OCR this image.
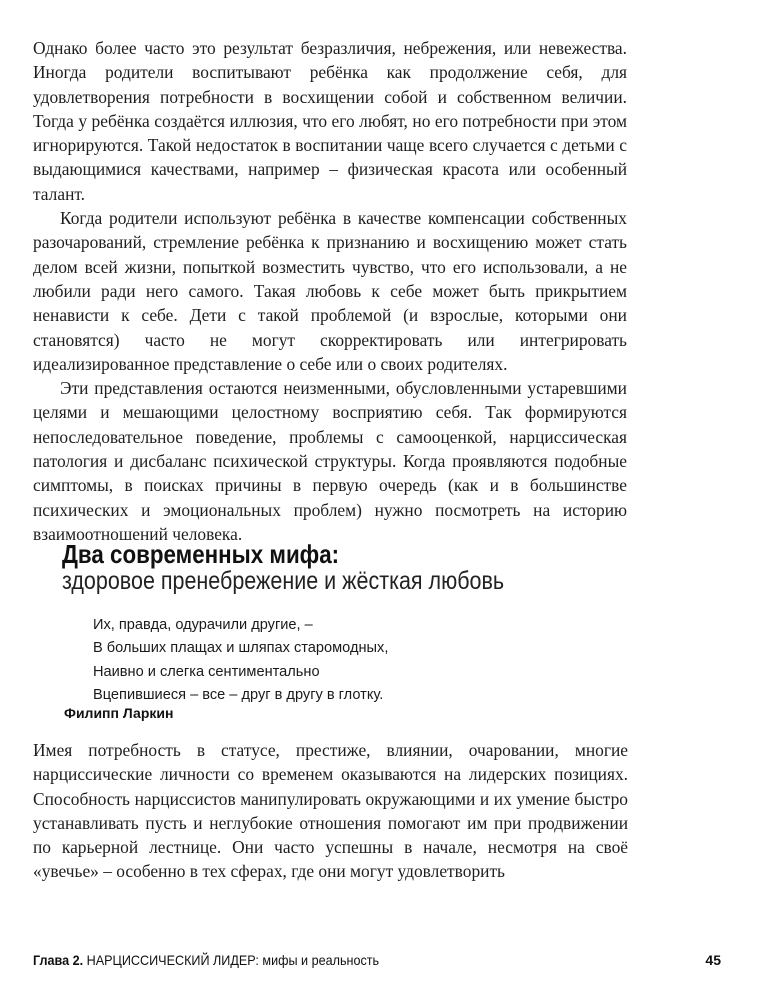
Однако более часто это результат безразличия, небрежения, или невежества. Иногда родители воспитывают ребёнка как продолжение себя, для удовлетворения потребности в восхищении собой и собственном величии. Тогда у ребёнка создаётся иллюзия, что его любят, но его потребности при этом игнорируются. Такой недостаток в воспитании чаще всего случается с детьми с выдающимися качествами, например – физическая красота или особенный талант.

Когда родители используют ребёнка в качестве компенсации собственных разочарований, стремление ребёнка к признанию и восхищению может стать делом всей жизни, попыткой возместить чувство, что его использовали, а не любили ради него самого. Такая любовь к себе может быть прикрытием ненависти к себе. Дети с такой проблемой (и взрослые, которыми они становятся) часто не могут скорректировать или интегрировать идеализированное представление о себе или о своих родителях.

Эти представления остаются неизменными, обусловленными устаревшими целями и мешающими целостному восприятию себя. Так формируются непоследовательное поведение, проблемы с самооценкой, нарциссическая патология и дисбаланс психической структуры. Когда проявляются подобные симптомы, в поисках причины в первую очередь (как и в большинстве психических и эмоциональных проблем) нужно посмотреть на историю взаимоотношений человека.

Два современных мифа:
здоровое пренебрежение и жёсткая любовь
Их, правда, одурачили другие, –
В больших плащах и шляпах старомодных,
Наивно и слегка сентиментально
Вцепившиеся – все – друг в другу в глотку.
Филипп Ларкин

Имея потребность в статусе, престиже, влиянии, очаровании, многие нарциссические личности со временем оказываются на лидерских позициях. Способность нарциссистов манипулировать окружающими и их умение быстро устанавливать пусть и неглубокие отношения помогают им при продвижении по карьерной лестнице. Они часто успешны в начале, несмотря на своё «увечье» – особенно в тех сферах, где они могут удовлетворить

Глава 2. НАРЦИССИЧЕСКИЙ ЛИДЕР: мифы и реальность	45
